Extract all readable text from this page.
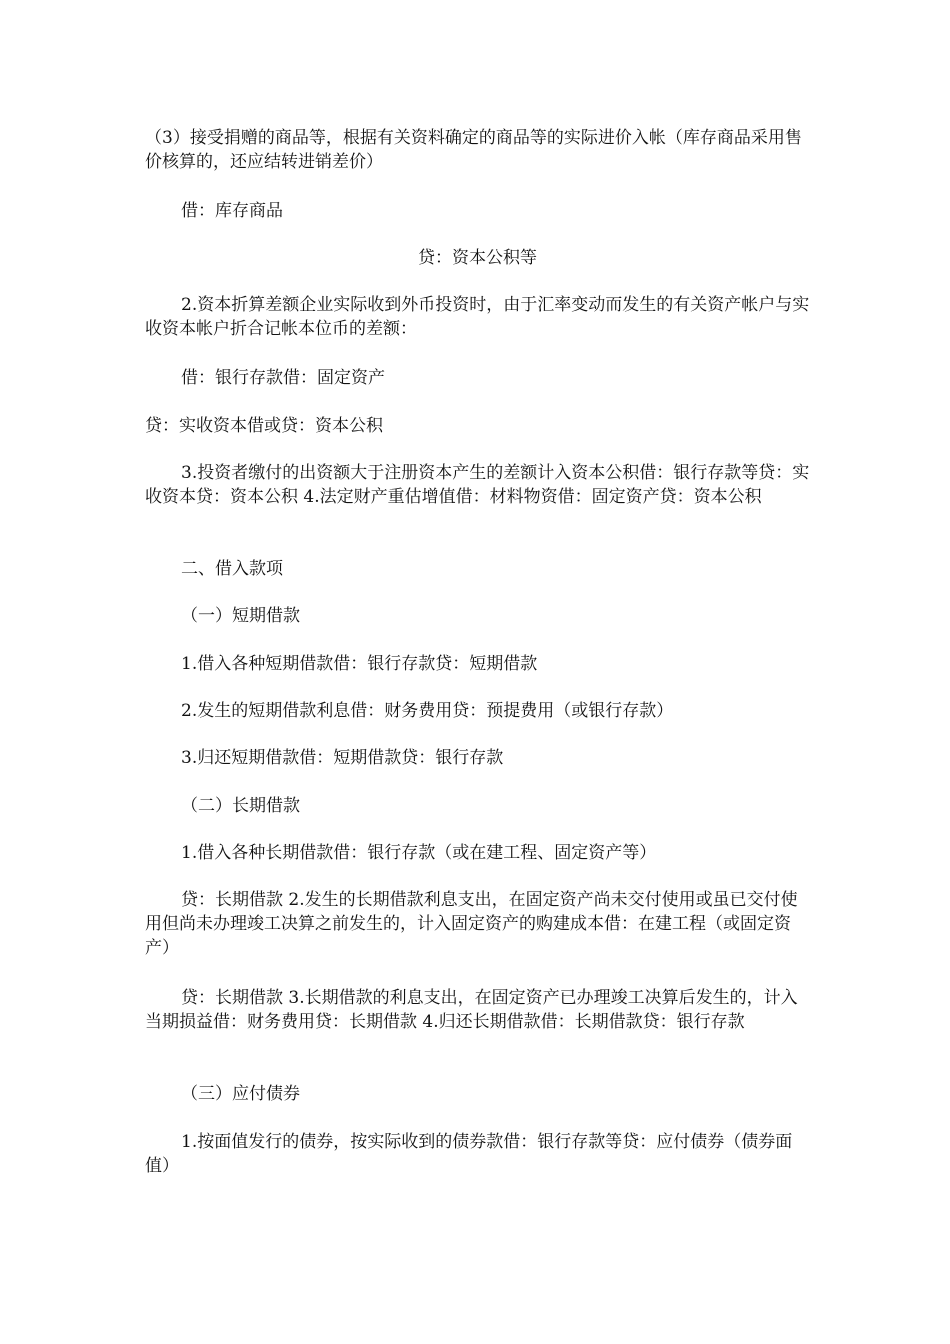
（3）接受捐赠的商品等，根据有关资料确定的商品等的实际进价入帐（库存商品采用售价核算的，还应结转进销差价）

借：库存商品

贷：资本公积等

2.资本折算差额企业实际收到外币投资时，由于汇率变动而发生的有关资产帐户与实收资本帐户折合记帐本位币的差额：

借：银行存款借：固定资产

贷：实收资本借或贷：资本公积

3.投资者缴付的出资额大于注册资本产生的差额计入资本公积借：银行存款等贷：实收资本贷：资本公积 4.法定财产重估增值借：材料物资借：固定资产贷：资本公积

二、借入款项

（一）短期借款

1.借入各种短期借款借：银行存款贷：短期借款

2.发生的短期借款利息借：财务费用贷：预提费用（或银行存款）

3.归还短期借款借：短期借款贷：银行存款

（二）长期借款

1.借入各种长期借款借：银行存款（或在建工程、固定资产等）

贷：长期借款 2.发生的长期借款利息支出，在固定资产尚未交付使用或虽已交付使用但尚未办理竣工决算之前发生的，计入固定资产的购建成本借：在建工程（或固定资产）

贷：长期借款 3.长期借款的利息支出，在固定资产已办理竣工决算后发生的，计入当期损益借：财务费用贷：长期借款 4.归还长期借款借：长期借款贷：银行存款

（三）应付债券

1.按面值发行的债券，按实际收到的债券款借：银行存款等贷：应付债券（债券面值）
